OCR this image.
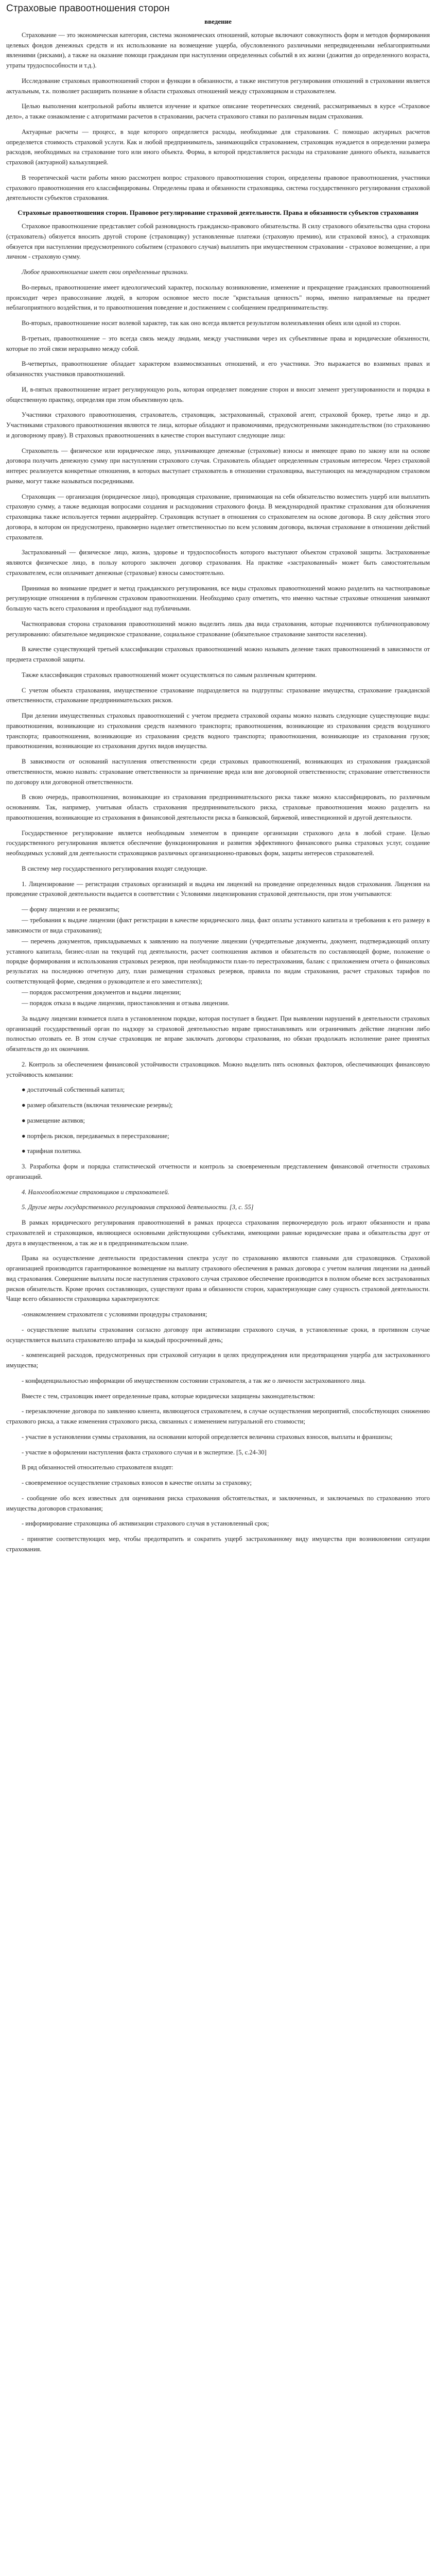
Страховые правоотношения сторон
введение

Страхование — это экономическая категория, система экономических отношений, которые включают совокупность форм и методов формирования целевых фондов денежных средств и их использование на возмещение ущерба, обусловленного различными непредвиденными неблагоприятными явлениями (рисками), а также на оказание помощи гражданам при наступлении определенных событий в их жизни (дожития до определенного возраста, утраты трудоспособности и т.д.).

Исследование страховых правоотношений сторон и функции в обязанности, а также институтов регулирования отношений в страховании является актуальным, т.к. позволяет расширить познание в области страховых отношений между страховщиком и страхователем.

Целью выполнения контрольной работы является изучение и краткое описание теоретических сведений, рассматриваемых в курсе «Страховое дело», а также ознакомление с алгоритмами расчетов в страховании, расчета страхового ставки по различным видам страхования.

Актуарные расчеты — процесс, в ходе которого определяется расходы, необходимые для страхования. С помощью актуарных расчетов определяется стоимость страховой услуги. Как и любой предприниматель, занимающийся страхованием, страховщик нуждается в определении размера расходов, необходимых на страхование того или иного объекта. Форма, в которой представляется расходы на страхование данного объекта, называется страховой (актуарной) калькуляцией.

В теоретической части работы мною рассмотрен вопрос страхового правоотношения сторон, определены правовое правоотношения, участники страхового правоотношения его классифицированы. Определены права и обязанности страховщика, система государственного регулирования страховой деятельности субъектов страхования.

Страховые правоотношения сторон. Правовое регулирование страховой деятельности. Права и обязанности субъектов страхования

Страховое правоотношение представляет собой разновидность гражданско-правового обязательства. В силу страхового обязательства одна сторона (страхователь) обязуется вносить другой стороне (страховщику) установленные платежи (страховую премию), или страховой взнос), а страховщик обязуется при наступлении предусмотренного событием (страхового случая) выплатить при имущественном страховании - страховое возмещение, а при личном - страховую сумму.

Любое правоотношение имеет свои определенные признаки.

Во-первых, правоотношение имеет идеологический характер, поскольку возникновение, изменение и прекращение гражданских правоотношений происходит через правосознание людей, в котором основное место после "кристальная ценность" норма, именно направляемые на предмет неблагоприятного воздействия, и то правоотношения поведение и достижением с сообщением предпринимательству.

Во-вторых, правоотношение носит волевой характер, так как оно всегда является результатом волеизъявления обеих или одной из сторон.

В-третьих, правоотношение – это всегда связь между людьми, между участниками через их субъективные права и юридические обязанности, которые по этой связи неразрывно между собой.

В-четвертых, правоотношение обладает характером взаимосвязанных отношений, и его участники. Это выражается во взаимных правах и обязанностях участников правоотношений.

И, в-пятых правоотношение играет регулирующую роль, которая определяет поведение сторон и вносит элемент урегулированности и порядка в общественную практику, определяя при этом объективную цель.

Участники страхового правоотношения, страхователь, страховщик, застрахованный, страховой агент, страховой брокер, третье лицо и др. Участниками страхового правоотношения являются те лица, которые обладают и правомочиями, предусмотренными законодательством (по страхованию и договорному праву). В страховых правоотношениях в качестве сторон выступают следующие лица:

Страхователь — физическое или юридическое лицо, уплачивающее денежные (страховые) взносы и имеющее право по закону или на основе договора получить денежную сумму при наступлении страхового случая. Страхователь обладает определенным страховым интересом. Через страховой интерес реализуется конкретные отношения, в которых выступает страхователь в отношении страховщика, выступающих на международном страховом рынке, могут также называться посредниками.

Страховщик — организация (юридическое лицо), проводящая страхование, принимающая на себя обязательство возместить ущерб или выплатить страховую сумму, а также ведающая вопросами создания и расходования страхового фонда. В международной практике страхования для обозначения страховщика также используется термин андеррайтер. Страховщик вступает в отношения со страхователем на основе договора. В силу действия этого договора, в котором он предусмотрено, правомерно наделяет ответственностью по всем условиям договора, включая страхование в отношении действий страхователя.

Застрахованный — физическое лицо, жизнь, здоровье и трудоспособность которого выступают объектом страховой защиты. Застрахованные являются физическое лицо, в пользу которого заключен договор страхования. На практике «застрахованный» может быть самостоятельным страхователем, если оплачивает денежные (страховые) взносы самостоятельно.

Принимая во внимание предмет и метод гражданского регулирования, все виды страховых правоотношений можно разделить на частноправовые регулирующие отношения в публичном страховом правоотношении. Необходимо сразу отметить, что именно частные страховые отношения занимают большую часть всего страхования и преобладают над публичными.

Частноправовая сторона страхования правоотношений можно выделить лишь два вида страхования, которые подчиняются публичноправовому регулированию: обязательное медицинское страхование, социальное страхование (обязательное страхование занятости населения).

В качестве существующей третьей классификации страховых правоотношений можно называть деление таких правоотношений в зависимости от предмета страховой защиты.

Также классификация страховых правоотношений может осуществляться по самым различным критериям.

С учетом объекта страхования, имущественное страхование подразделяется на подгруппы: страхование имущества, страхование гражданской ответственности, страхование предпринимательских рисков.

При делении имущественных страховых правоотношений с учетом предмета страховой охраны можно назвать следующие существующие виды: правоотношения, возникающие из страхования средств наземного транспорта; правоотношения, возникающие из страхования средств воздушного транспорта; правоотношения, возникающие из страхования средств водного транспорта; правоотношения, возникающие из страхования грузов; правоотношения, возникающие из страхования других видов имущества.

В зависимости от оснований наступления ответственности среди страховых правоотношений, возникающих из страхования гражданской ответственности, можно назвать: страхование ответственности за причинение вреда или вне договорной ответственности; страхование ответственности по договору или договорной ответственности.

В свою очередь, правоотношения, возникающие из страхования предпринимательского риска также можно классифицировать, по различным основаниям. Так, например, учитывая область страхования предпринимательского риска, страховые правоотношения можно разделить на правоотношения, возникающие из страхования в финансовой деятельности риска в банковской, биржевой, инвестиционной и другой деятельности.

Государственное регулирование является необходимым элементом в принципе организации страхового дела в любой стране. Целью государственного регулирования является обеспечение функционирования и развития эффективного финансового рынка страховых услуг, создание необходимых условий для деятельности страховщиков различных организационно-правовых форм, защиты интересов страхователей.

В систему мер государственного регулирования входят следующие.

1. Лицензирование — регистрация страховых организаций и выдача им лицензий на проведение определенных видов страхования. Лицензия на проведение страховой деятельности выдается в соответствии с Условиями лицензирования страховой деятельности, при этом учитываются:

— форму лицензии и ее реквизиты;
— требования к выдаче лицензии (факт регистрации в качестве юридического лица, факт оплаты уставного капитала и требования к его размеру в зависимости от вида страхования);
— перечень документов, прикладываемых к заявлению на получение лицензии (учредительные документы, документ, подтверждающий оплату уставного капитала, бизнес-план на текущий год деятельности, расчет соотношения активов и обязательств по составляющей форме, положение о порядке формирования и использования страховых резервов, при необходимости план-то перестрахования, баланс с приложением отчета о финансовых результатах на последнюю отчетную дату, план размещения страховых резервов, правила по видам страхования, расчет страховых тарифов по соответствующей форме, сведения о руководителе и его заместителях);
— порядок рассмотрения документов и выдачи лицензии;
— порядок отказа в выдаче лицензии, приостановления и отзыва лицензии.

За выдачу лицензии взимается плата в установленном порядке, которая поступает в бюджет. При выявлении нарушений в деятельности страховых организаций государственный орган по надзору за страховой деятельностью вправе приостанавливать или ограничивать действие лицензии либо полностью отозвать ее. В этом случае страховщик не вправе заключать договоры страхования, но обязан продолжать исполнение ранее принятых обязательств до их окончания.

2. Контроль за обеспечением финансовой устойчивости страховщиков. Можно выделить пять основных факторов, обеспечивающих финансовую устойчивость компании:

● достаточный собственный капитал;

● размер обязательств (включая технические резервы);

● размещение активов;

● портфель рисков, передаваемых в перестрахование;

● тарифная политика.

3. Разработка форм и порядка статистической отчетности и контроль за своевременным представлением финансовой отчетности страховых организаций.

4. Налогообложение страховщиков и страхователей.

5. Другие меры государственного регулирования страховой деятельности. [3, с. 55]

В рамках юридического регулирования правоотношений в рамках процесса страхования первоочередную роль играют обязанности и права страхователей и страховщиков, являющиеся основными действующими субъектами, имеющими равные юридические права и обязательства друг от друга в имущественном, а так же и в предпринимательском плане.

Права на осуществление деятельности предоставления спектра услуг по страхованию являются главными для страховщиков. Страховой организацией производится гарантированное возмещение на выплату страхового обеспечения в рамках договора с учетом наличия лицензии на данный вид страхования. Совершение выплаты после наступления страхового случая страховое обеспечение производится в полном объеме всех застрахованных рисков обязательств. Кроме прочих составляющих, существуют права и обязанности сторон, характеризующие саму сущность страховой деятельности. Чаще всего обязанности страховщика характеризуются:

-ознакомлением страхователя с условиями процедуры страхования;

- осуществление выплаты страхования согласно договору при активизации страхового случая, в установленные сроки, в противном случае осуществляется выплата страхователю штрафа за каждый просроченный день;

- компенсацией расходов, предусмотренных при страховой ситуации в целях предупреждения или предотвращения ущерба для застрахованного имущества;

- конфиденциальностью информации об имущественном состоянии страхователя, а так же о личности застрахованного лица.

Вместе с тем, страховщик имеет определенные права, которые юридически защищены законодательством:

- перезаключение договора по заявлению клиента, являющегося страхователем, в случае осуществления мероприятий, способствующих снижению страхового риска, а также изменения страхового риска, связанных с изменением натуральной его стоимости;

- участие в установлении суммы страхования, на основании которой определяется величина страховых взносов, выплаты и франшизы;

- участие в оформлении наступления факта страхового случая и в экспертизе. [5, с.24-30]

В ряд обязанностей относительно страхователя входят:

- своевременное осуществление страховых взносов в качестве оплаты за страховку;

- сообщение обо всех известных для оценивания риска страхования обстоятельствах, и заключенных, и заключаемых по страхованию этого имущества договоров страхования;

- информирование страховщика об активизации страхового случая в установленный срок;

- принятие соответствующих мер, чтобы предотвратить и сократить ущерб застрахованному виду имущества при возникновении ситуации страхования.
